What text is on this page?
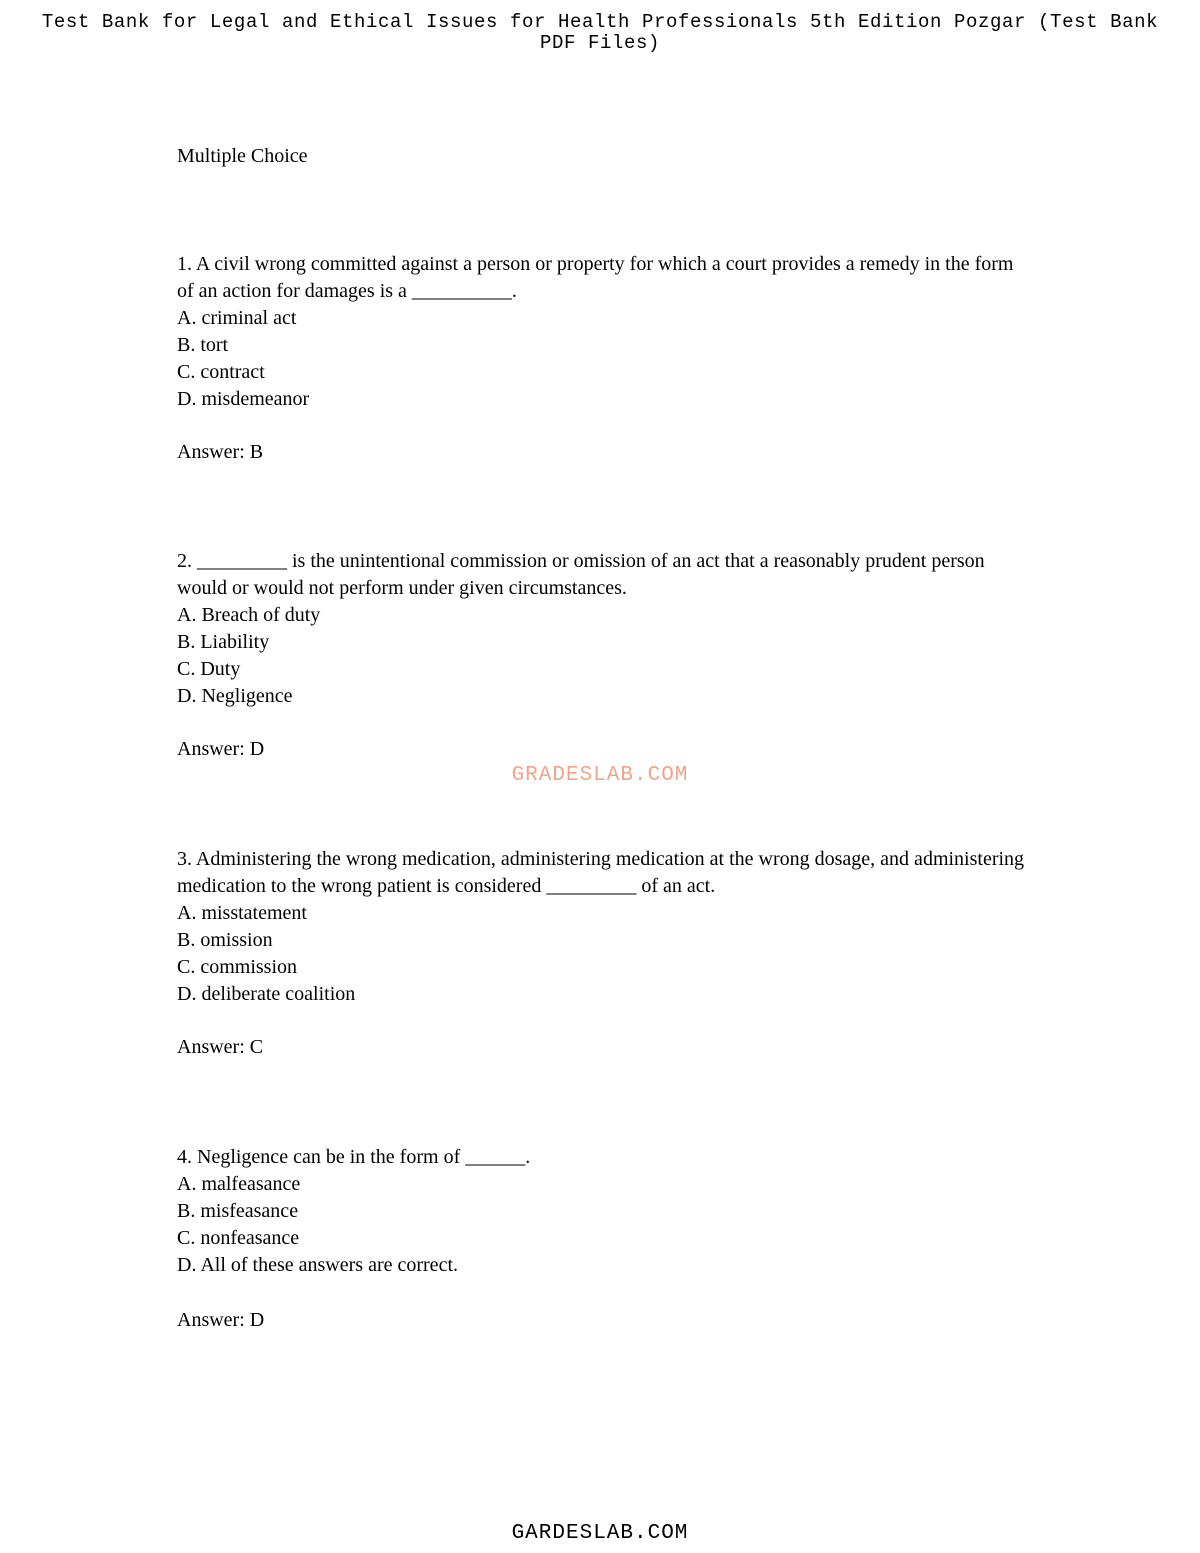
Test Bank for Legal and Ethical Issues for Health Professionals 5th Edition Pozgar (Test Bank PDF Files)
Multiple Choice

1. A civil wrong committed against a person or property for which a court provides a remedy in the form of an action for damages is a __________.

A. criminal act
B. tort
C. contract
D. misdemeanor

Answer: B

2. _________ is the unintentional commission or omission of an act that a reasonably prudent person would or would not perform under given circumstances.

A. Breach of duty
B. Liability
C. Duty
D. Negligence

Answer: D

3. Administering the wrong medication, administering medication at the wrong dosage, and administering medication to the wrong patient is considered _________ of an act.

A. misstatement
B. omission
C. commission
D. deliberate coalition

Answer: C

4. Negligence can be in the form of ______.

A. malfeasance
B. misfeasance
C. nonfeasance
D. All of these answers are correct.

Answer: D

GRADESLAB.COM
GARDESLAB.COM
